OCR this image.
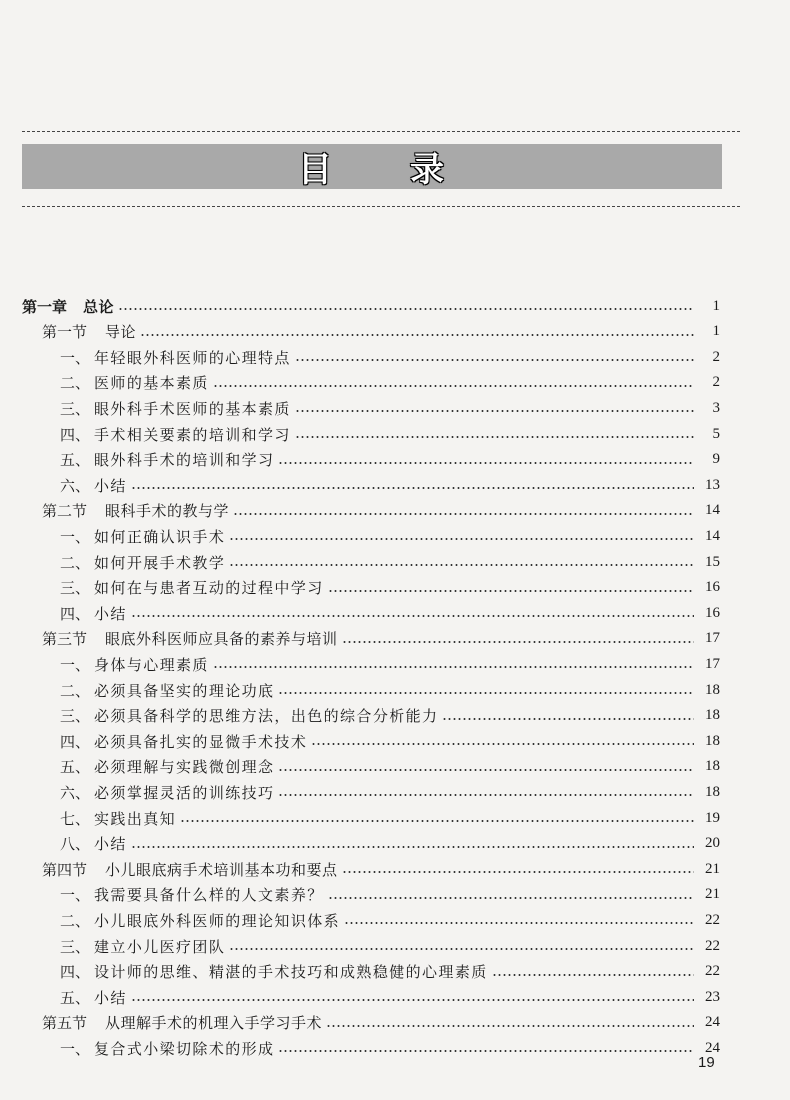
目 录
第一章 总论	1
第一节 导论	1
一、 年轻眼外科医师的心理特点	2
二、 医师的基本素质	2
三、 眼外科手术医师的基本素质	3
四、 手术相关要素的培训和学习	5
五、 眼外科手术的培训和学习	9
六、 小结	13
第二节 眼科手术的教与学	14
一、 如何正确认识手术	14
二、 如何开展手术教学	15
三、 如何在与患者互动的过程中学习	16
四、 小结	16
第三节 眼底外科医师应具备的素养与培训	17
一、 身体与心理素质	17
二、 必须具备坚实的理论功底	18
三、 必须具备科学的思维方法，出色的综合分析能力	18
四、 必须具备扎实的显微手术技术	18
五、 必须理解与实践微创理念	18
六、 必须掌握灵活的训练技巧	18
七、 实践出真知	19
八、 小结	20
第四节 小儿眼底病手术培训基本功和要点	21
一、 我需要具备什么样的人文素养？	21
二、 小儿眼底外科医师的理论知识体系	22
三、 建立小儿医疗团队	22
四、 设计师的思维、精湛的手术技巧和成熟稳健的心理素质	22
五、 小结	23
第五节 从理解手术的机理入手学习手术	24
一、 复合式小梁切除术的形成	24
19
